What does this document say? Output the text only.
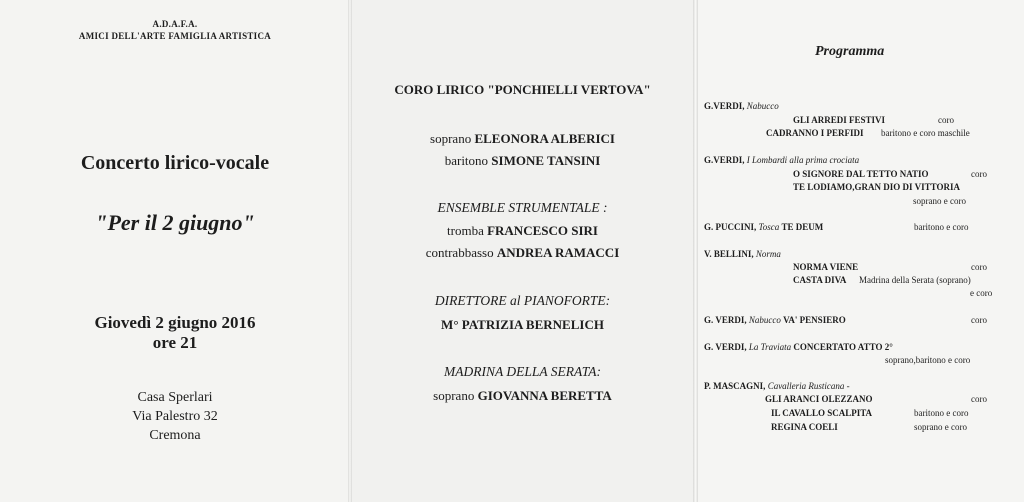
A.D.A.F.A.
AMICI DELL'ARTE FAMIGLIA ARTISTICA
Concerto lirico-vocale
"Per il 2 giugno"
Giovedì 2 giugno 2016
ore 21
Casa Sperlari
Via Palestro 32
Cremona
CORO LIRICO "PONCHIELLI VERTOVA"
soprano ELEONORA ALBERICI
baritono SIMONE TANSINI
ENSEMBLE STRUMENTALE :
tromba FRANCESCO SIRI
contrabbasso ANDREA RAMACCI
DIRETTORE al PIANOFORTE:
M° PATRIZIA BERNELICH
MADRINA DELLA SERATA:
soprano GIOVANNA BERETTA
Programma
G.VERDI, Nabucco
GLI ARREDI FESTIVI	coro
CADRANNO I PERFIDI baritono e coro maschile
G.VERDI, I Lombardi alla prima crociata
O SIGNORE DAL TETTO NATIO	coro
TE LODIAMO,GRAN DIO DI VITTORIA
soprano e coro
G. PUCCINI, Tosca TE DEUM	baritono e coro
V. BELLINI, Norma
NORMA VIENE	coro
CASTA DIVA Madrina della Serata (soprano)
e coro
G. VERDI, Nabucco VA' PENSIERO	coro
G. VERDI, La Traviata CONCERTATO ATTO 2°
soprano,baritono e coro
P. MASCAGNI, Cavalleria Rusticana -
GLI ARANCI OLEZZANO	coro
IL CAVALLO SCALPITA	baritono e coro
REGINA COELI	soprano e coro
